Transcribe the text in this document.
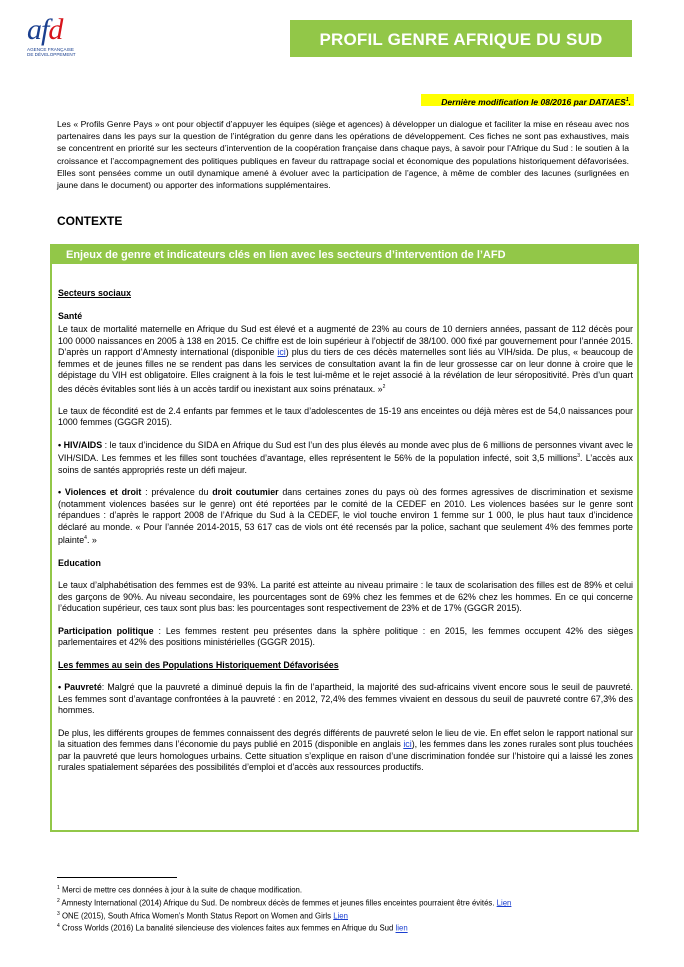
afd
AGENCE FRANÇAISE
DE DÉVELOPPEMENT
PROFIL GENRE AFRIQUE DU SUD
Dernière modification le 08/2016 par DAT/AES$^1$.
Les « Profils Genre Pays » ont pour objectif d’appuyer les équipes (siège et agences) à développer un dialogue et faciliter la mise en réseau avec nos partenaires dans les pays sur la question de l’intégration du genre dans les opérations de développement. Ces fiches ne sont pas exhaustives, mais se concentrent en priorité sur les secteurs d’intervention de la coopération française dans chaque pays, à savoir pour l’Afrique du Sud : le soutien à la croissance et l’accompagnement des politiques publiques en faveur du rattrapage social et économique des populations historiquement défavorisées. Elles sont pensées comme un outil dynamique amené à évoluer avec la participation de l’agence, à même de combler des lacunes (surlignées en jaune dans le document) ou apporter des informations supplémentaires.
CONTEXTE
Enjeux de genre et indicateurs clés en lien avec les secteurs d’intervention de l’AFD

Secteurs sociaux

Santé

Le taux de mortalité maternelle en Afrique du Sud est élevé et a augmenté de 23% au cours de 10 derniers années, passant de 112 décès pour 100 0000 naissances en 2005 à 138 en 2015. Ce chiffre est de loin supérieur à l’objectif de 38/100. 000 fixé par gouvernement pour l’année 2015. D’après un rapport d’Amnesty international (disponible ici) plus du tiers de ces décès maternelles sont liés au VIH/sida. De plus, « beaucoup de femmes et de jeunes filles ne se rendent pas dans les services de consultation avant la fin de leur grossesse car on leur donne à croire que le dépistage du VIH est obligatoire. Elles craignent à la fois le test lui-même et le rejet associé à la révélation de leur séropositivité. Près d’un quart des décès évitables sont liés à un accès tardif ou inexistant aux soins prénataux. »$^2$

Le taux de fécondité est de 2.4 enfants par femmes et le taux d’adolescentes de 15-19 ans enceintes ou déjà mères est de 54,0 naissances pour 1000 femmes (GGGR 2015).

• HIV/AIDS : le taux d’incidence du SIDA en Afrique du Sud est l’un des plus élevés au monde avec plus de 6 millions de personnes vivant avec le VIH/SIDA. Les femmes et les filles sont touchées d’avantage, elles représentent le 56% de la population infecté, soit 3,5 millions$^3$. L’accès aux soins de santés appropriés reste un défi majeur.

• Violences et droit : prévalence du droit coutumier dans certaines zones du pays où des formes agressives de discrimination et sexisme (notamment violences basées sur le genre) ont été reportées par le comité de la CEDEF en 2010. Les violences basées sur le genre sont répandues : d’après le rapport 2008 de l’Afrique du Sud à la CEDEF, le viol touche environ 1 femme sur 1 000, le plus haut taux d’incidence déclaré au monde. « Pour l’année 2014-2015, 53 617 cas de viols ont été recensés par la police, sachant que seulement 4% des femmes porte plainte$^4$. »

Education

Le taux d’alphabétisation des femmes est de 93%. La parité est atteinte au niveau primaire : le taux de scolarisation des filles est de 89% et celui des garçons de 90%. Au niveau secondaire, les pourcentages sont de 69% chez les femmes et de 62% chez les hommes. En ce qui concerne l’éducation supérieur, ces taux sont plus bas: les pourcentages sont respectivement de 23% et de 17% (GGGR 2015).

Participation politique : Les femmes restent peu présentes dans la sphère politique : en 2015, les femmes occupent 42% des sièges parlementaires et 42% des positions ministérielles (GGGR 2015).

Les femmes au sein des Populations Historiquement Défavorisées

• Pauvreté: Malgré que la pauvreté a diminué depuis la fin de l’apartheid, la majorité des sud-africains vivent encore sous le seuil de pauvreté. Les femmes sont d’avantage confrontées à la pauvreté : en 2012, 72,4% des femmes vivaient en dessous du seuil de pauvreté contre 67,3% des hommes.

De plus, les différents groupes de femmes connaissent des degrés différents de pauvreté selon le lieu de vie. En effet selon le rapport national sur la situation des femmes dans l’économie du pays publié en 2015 (disponible en anglais ici), les femmes dans les zones rurales sont plus touchées par la pauvreté que leurs homologues urbains. Cette situation s’explique en raison d’une discrimination fondée sur l’histoire qui a laissé les zones rurales spatialement séparées des possibilités d’emploi et d’accès aux ressources productifs.

$^1$ Merci de mettre ces données à jour à la suite de chaque modification.
$^2$ Amnesty International (2014) Afrique du Sud. De nombreux décès de femmes et jeunes filles enceintes pourraient être évités. Lien
$^3$ ONE (2015), South Africa Women’s Month Status Report on Women and Girls Lien
$^4$ Cross Worlds (2016) La banalité silencieuse des violences faites aux femmes en Afrique du Sud lien
